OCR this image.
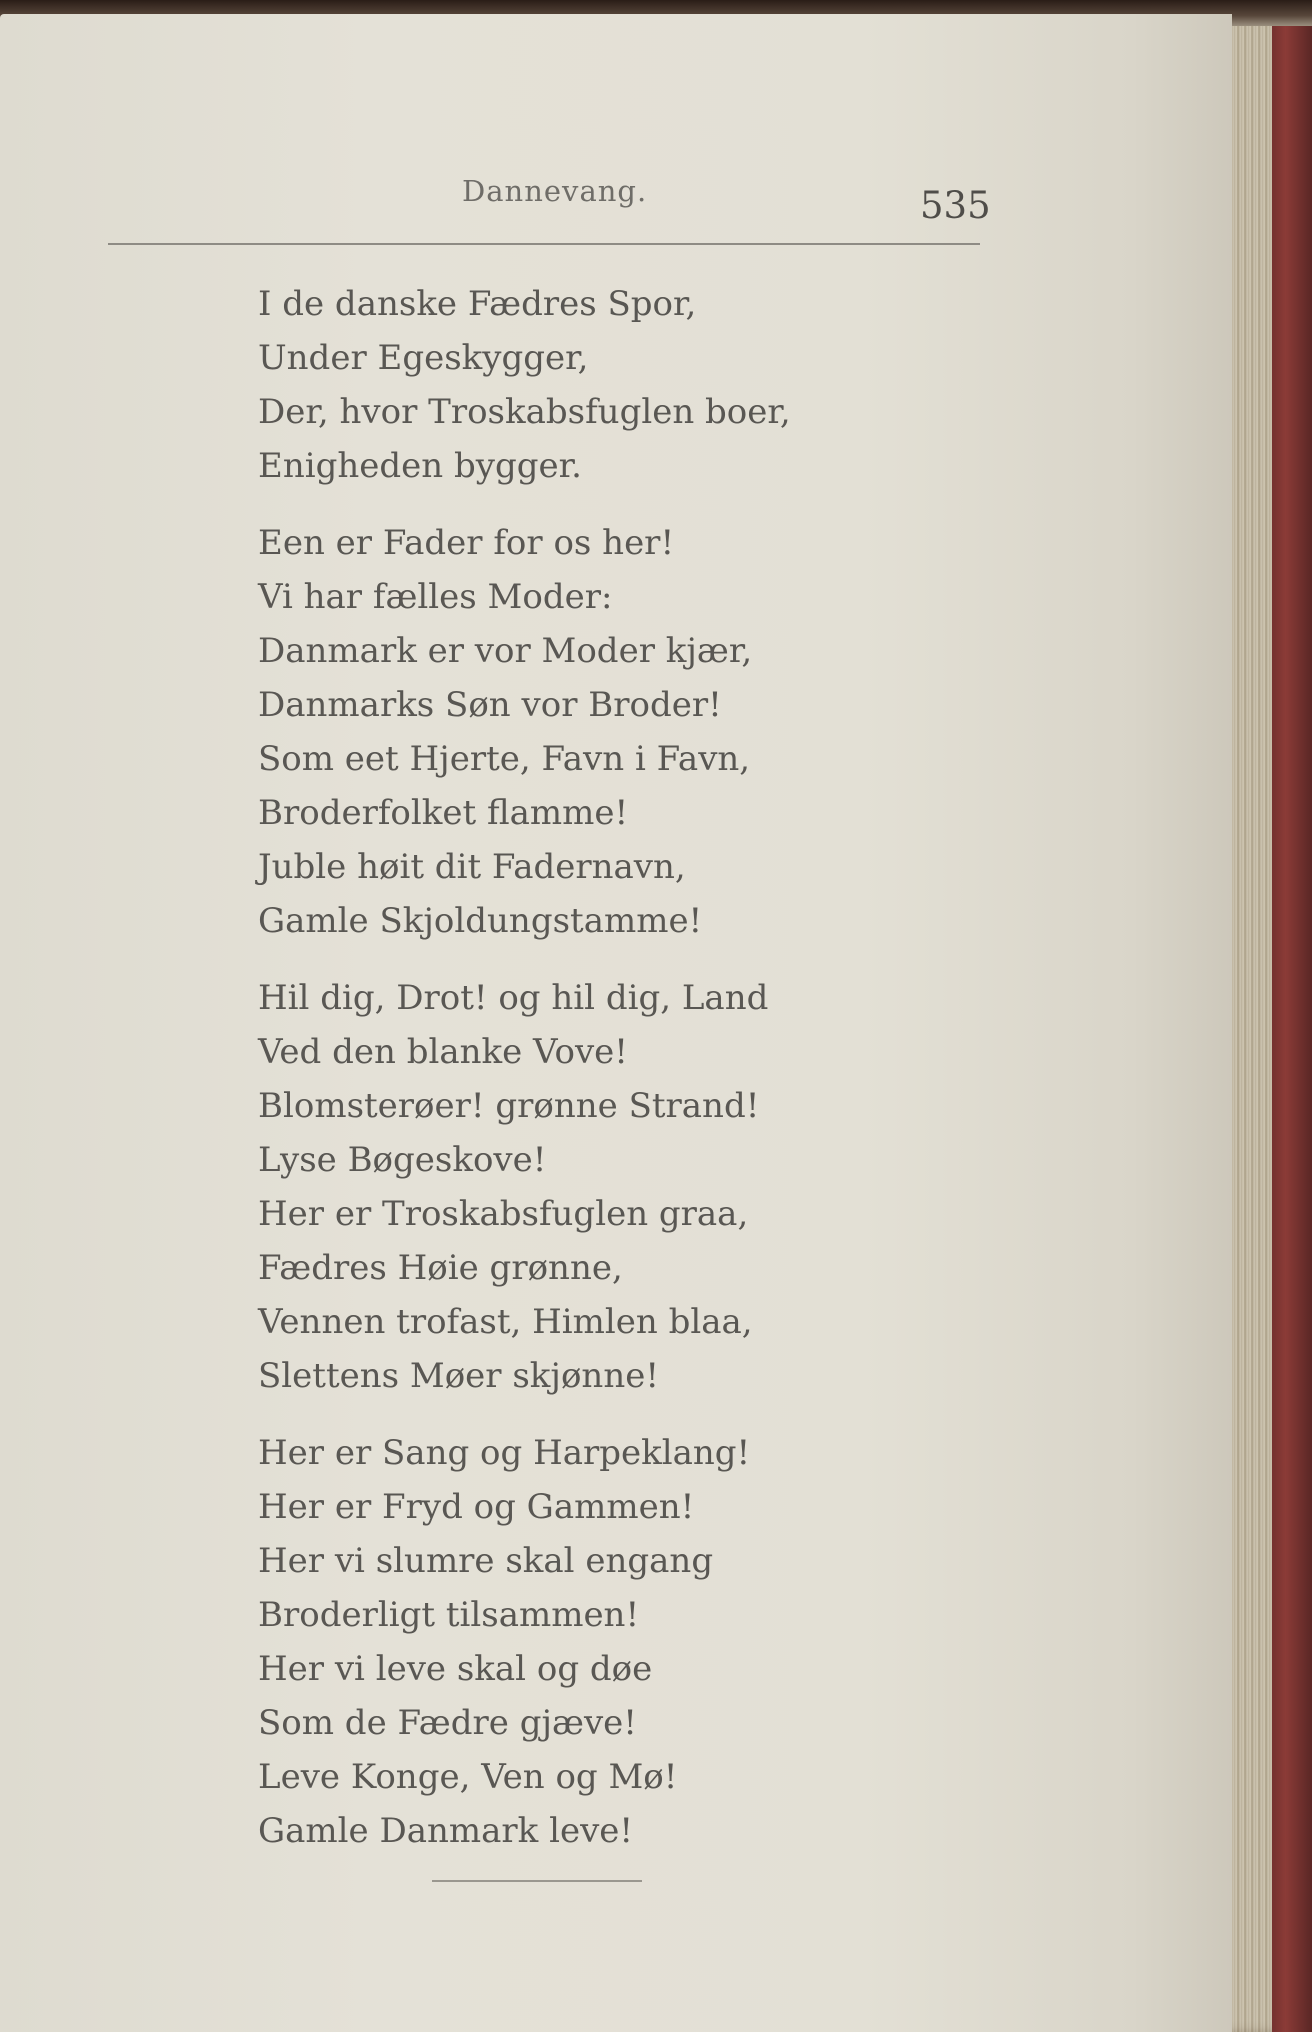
Dannevang.	535
I de danske Fædres Spor,
Under Egeskygger,
Der, hvor Troskabsfuglen boer,
Enigheden bygger.
Een er Fader for os her!
Vi har fælles Moder:
Danmark er vor Moder kjær,
Danmarks Søn vor Broder!
Som eet Hjerte, Favn i Favn,
Broderfolket flamme!
Juble høit dit Fadernavn,
Gamle Skjoldungstamme!
Hil dig, Drot! og hil dig, Land
Ved den blanke Vove!
Blomsterøer! grønne Strand!
Lyse Bøgeskove!
Her er Troskabsfuglen graa,
Fædres Høie grønne,
Vennen trofast, Himlen blaa,
Slettens Møer skjønne!
Her er Sang og Harpeklang!
Her er Fryd og Gammen!
Her vi slumre skal engang
Broderligt tilsammen!
Her vi leve skal og døe
Som de Fædre gjæve!
Leve Konge, Ven og Mø!
Gamle Danmark leve!
